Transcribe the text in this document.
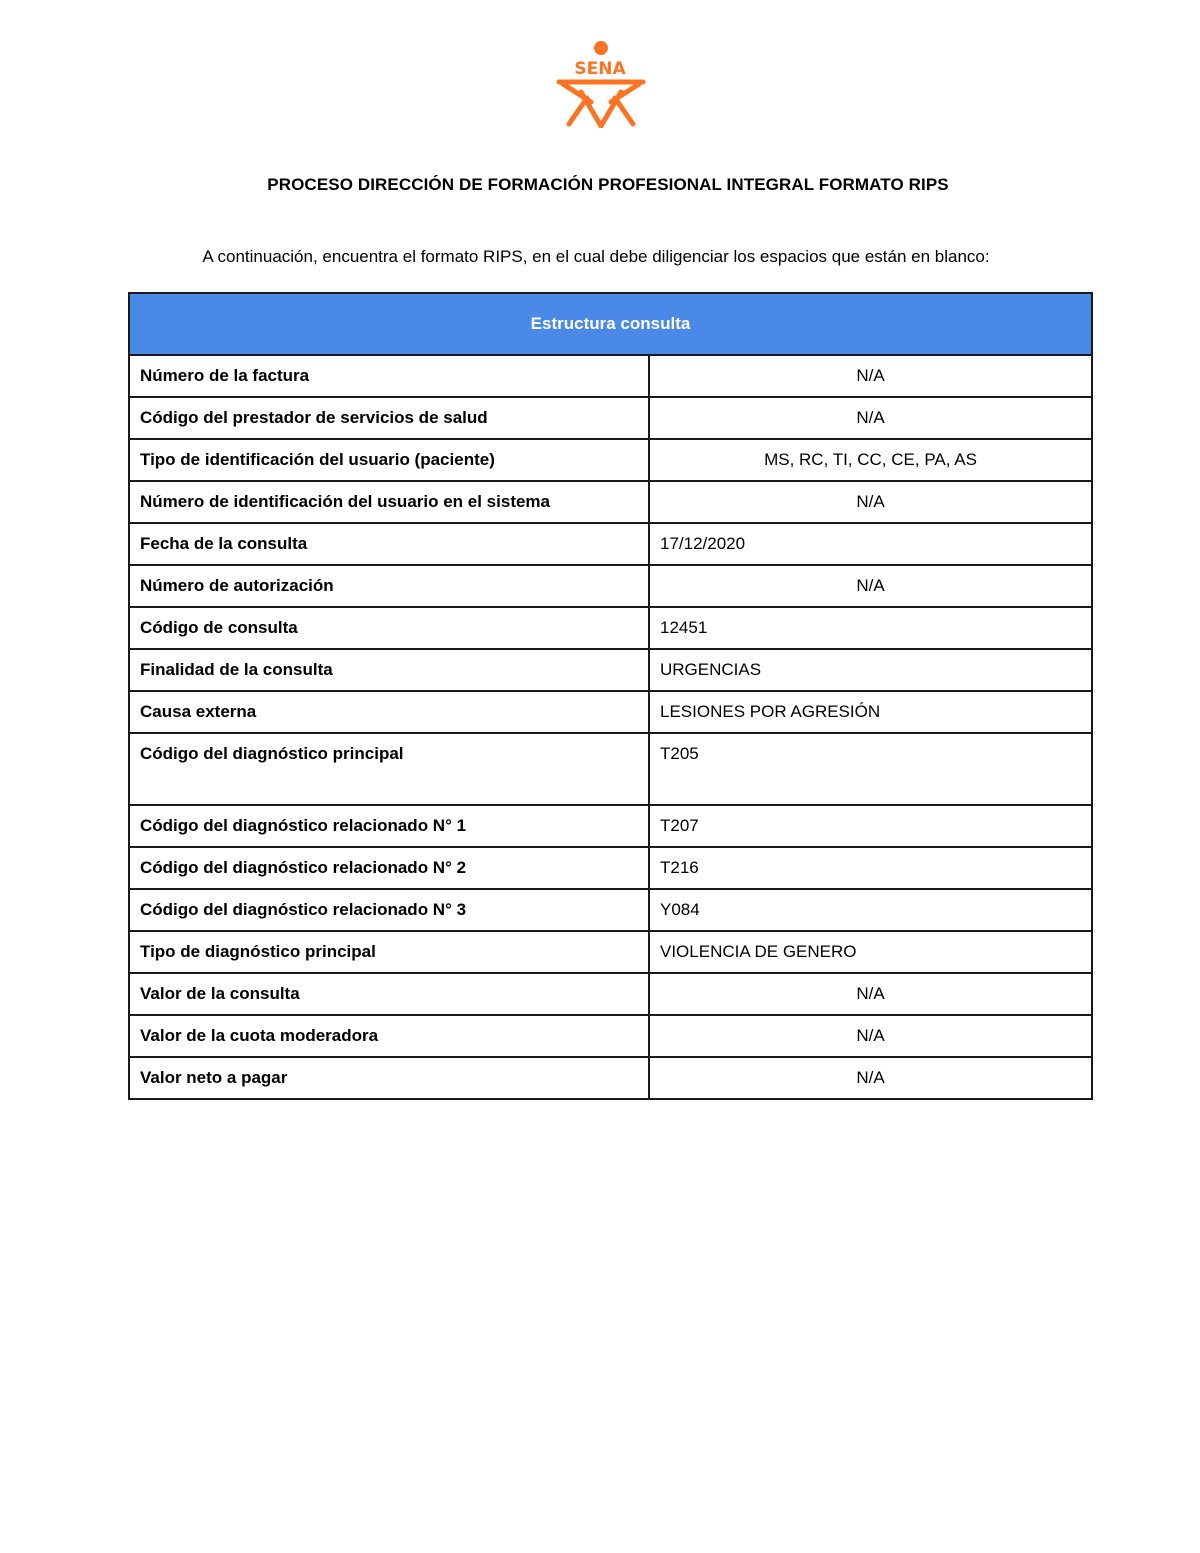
SENA
PROCESO DIRECCIÓN DE FORMACIÓN PROFESIONAL INTEGRAL FORMATO RIPS
A continuación, encuentra el formato RIPS, en el cual debe diligenciar los espacios que están en blanco:
Estructura consulta	
Número de la factura	N/A
Código del prestador de servicios de salud	N/A
Tipo de identificación del usuario (paciente)	MS, RC, TI, CC, CE, PA, AS
Número de identificación del usuario en el sistema	N/A
Fecha de la consulta	17/12/2020
Número de autorización	N/A
Código de consulta	12451
Finalidad de la consulta	URGENCIAS
Causa externa	LESIONES POR AGRESIÓN
Código del diagnóstico principal	T205
Código del diagnóstico relacionado N° 1	T207
Código del diagnóstico relacionado N° 2	T216
Código del diagnóstico relacionado N° 3	Y084
Tipo de diagnóstico principal	VIOLENCIA DE GENERO
Valor de la consulta	N/A
Valor de la cuota moderadora	N/A
Valor neto a pagar	N/A
